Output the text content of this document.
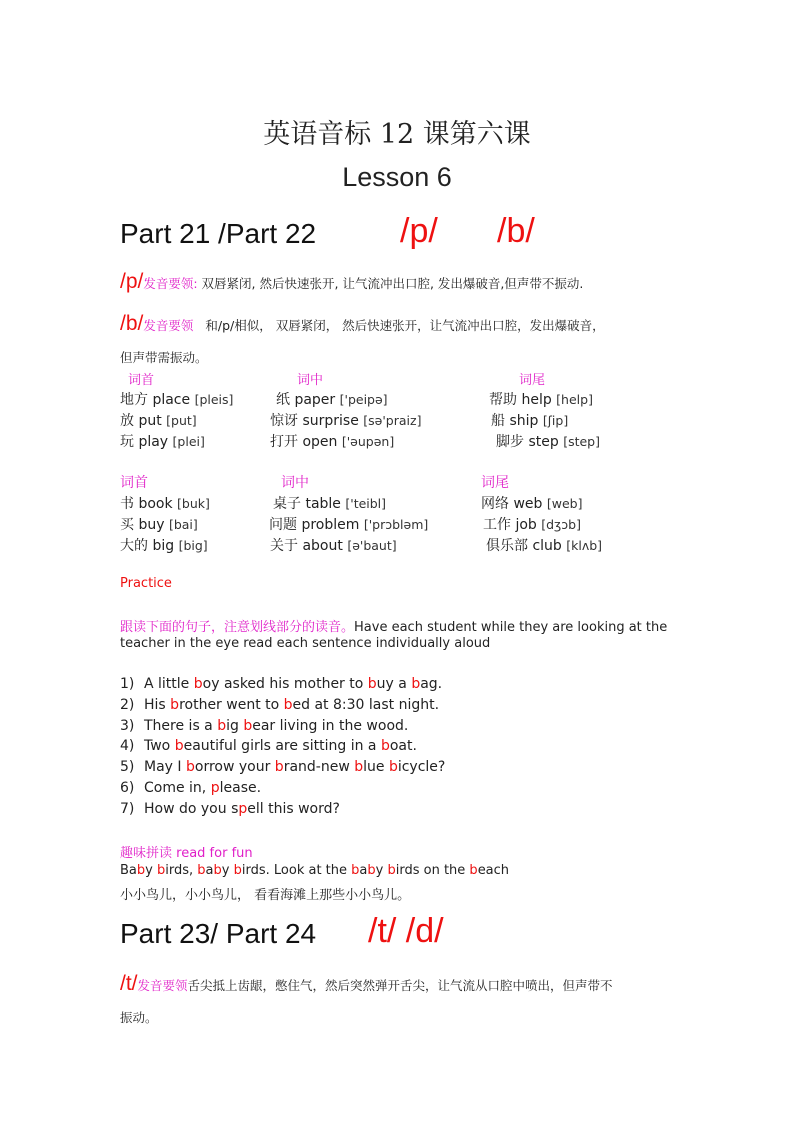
英语音标 12 课第六课
Lesson 6
Part 21 /Part 22 /p/ /b/
/p/发音要领: 双唇紧闭, 然后快速张开, 让气流冲出口腔, 发出爆破音,但声带不振动.
/b/发音要领 和/p/相似， 双唇紧闭， 然后快速张开，让气流冲出口腔，发出爆破音，
但声带需振动。
词首	词中	词尾
地方 place [pleis]	纸 paper ['peipə]	帮助 help [help]
放 put [put]	惊讶 surprise [sə'praiz]	船 ship [ʃip]
玩 play [plei]	打开 open ['əupən]	脚步 step [step]
词首	词中	词尾
书 book [buk]	桌子 table ['teibl]	网络 web [web]
买 buy [bai]	问题 problem ['prɔbləm]	工作 job [dʒɔb]
大的 big [big]	关于 about [ə'baut]	俱乐部 club [klʌb]
Practice
跟读下面的句子，注意划线部分的读音。Have each student while they are looking at the
teacher in the eye read each sentence individually aloud
1) A little boy asked his mother to buy a bag.
2) His brother went to bed at 8:30 last night.
3) There is a big bear living in the wood.
4) Two beautiful girls are sitting in a boat.
5) May I borrow your brand-new blue bicycle?
6) Come in, please.
7) How do you spell this word?
趣味拼读 read for fun
Baby birds, baby birds. Look at the baby birds on the beach
小小鸟儿，小小鸟儿， 看看海滩上那些小小鸟儿。
Part 23/ Part 24 /t/ /d/
/t/发音要领舌尖抵上齿龈，憋住气，然后突然弹开舌尖，让气流从口腔中喷出，但声带不
振动。
